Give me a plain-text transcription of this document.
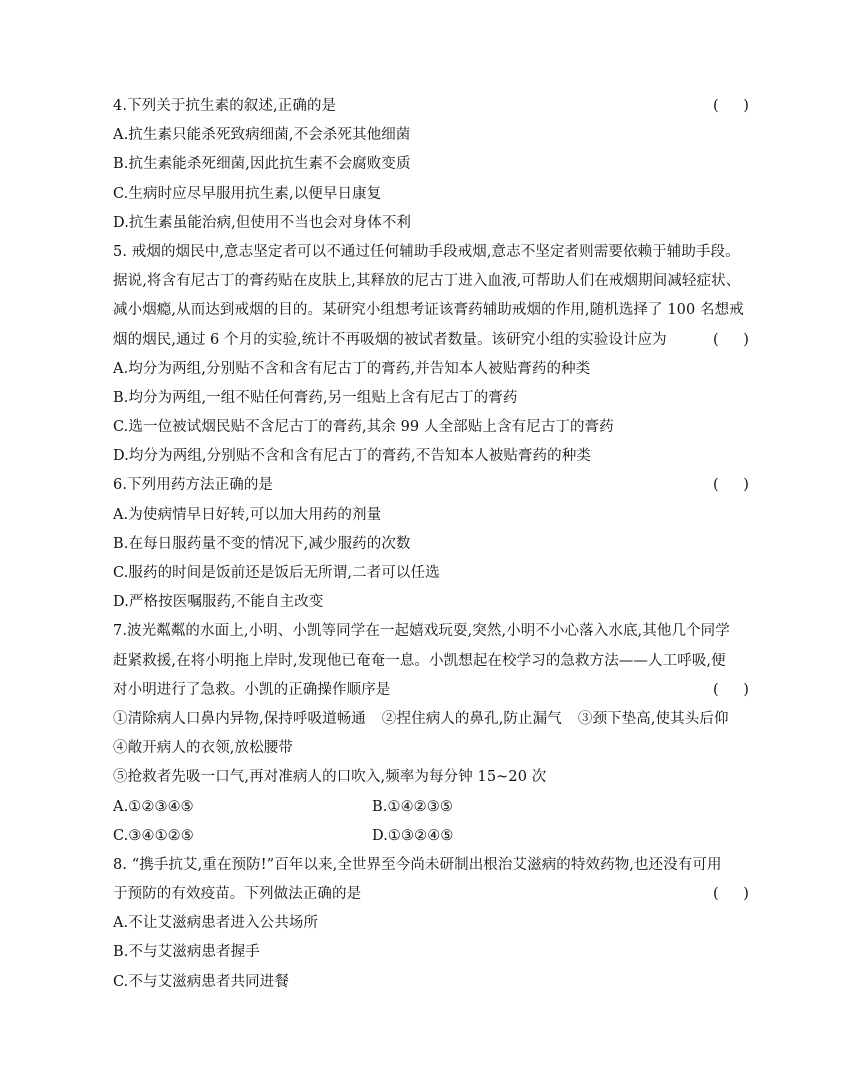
4.下列关于抗生素的叙述,正确的是	( )
A.抗生素只能杀死致病细菌,不会杀死其他细菌
B.抗生素能杀死细菌,因此抗生素不会腐败变质
C.生病时应尽早服用抗生素,以便早日康复
D.抗生素虽能治病,但使用不当也会对身体不利
5. 戒烟的烟民中,意志坚定者可以不通过任何辅助手段戒烟,意志不坚定者则需要依赖于辅助手段。
据说,将含有尼古丁的膏药贴在皮肤上,其释放的尼古丁进入血液,可帮助人们在戒烟期间减轻症状、
减小烟瘾,从而达到戒烟的目的。某研究小组想考证该膏药辅助戒烟的作用,随机选择了 100 名想戒
烟的烟民,通过 6 个月的实验,统计不再吸烟的被试者数量。该研究小组的实验设计应为	( )
A.均分为两组,分别贴不含和含有尼古丁的膏药,并告知本人被贴膏药的种类
B.均分为两组,一组不贴任何膏药,另一组贴上含有尼古丁的膏药
C.选一位被试烟民贴不含尼古丁的膏药,其余 99 人全部贴上含有尼古丁的膏药
D.均分为两组,分别贴不含和含有尼古丁的膏药,不告知本人被贴膏药的种类
6.下列用药方法正确的是	( )
A.为使病情早日好转,可以加大用药的剂量
B.在每日服药量不变的情况下,减少服药的次数
C.服药的时间是饭前还是饭后无所谓,二者可以任选
D.严格按医嘱服药,不能自主改变
7.波光粼粼的水面上,小明、小凯等同学在一起嬉戏玩耍,突然,小明不小心落入水底,其他几个同学
赶紧救援,在将小明拖上岸时,发现他已奄奄一息。小凯想起在校学习的急救方法——人工呼吸,便
对小明进行了急救。小凯的正确操作顺序是	( )
①清除病人口鼻内异物,保持呼吸道畅通 ②捏住病人的鼻孔,防止漏气 ③颈下垫高,使其头后仰
④敞开病人的衣领,放松腰带
⑤抢救者先吸一口气,再对准病人的口吹入,频率为每分钟 15~20 次
A.①②③④⑤	B.①④②③⑤
C.③④①②⑤	D.①③②④⑤
8. “携手抗艾,重在预防!”百年以来,全世界至今尚未研制出根治艾滋病的特效药物,也还没有可用
于预防的有效疫苗。下列做法正确的是	( )
A.不让艾滋病患者进入公共场所
B.不与艾滋病患者握手
C.不与艾滋病患者共同进餐
